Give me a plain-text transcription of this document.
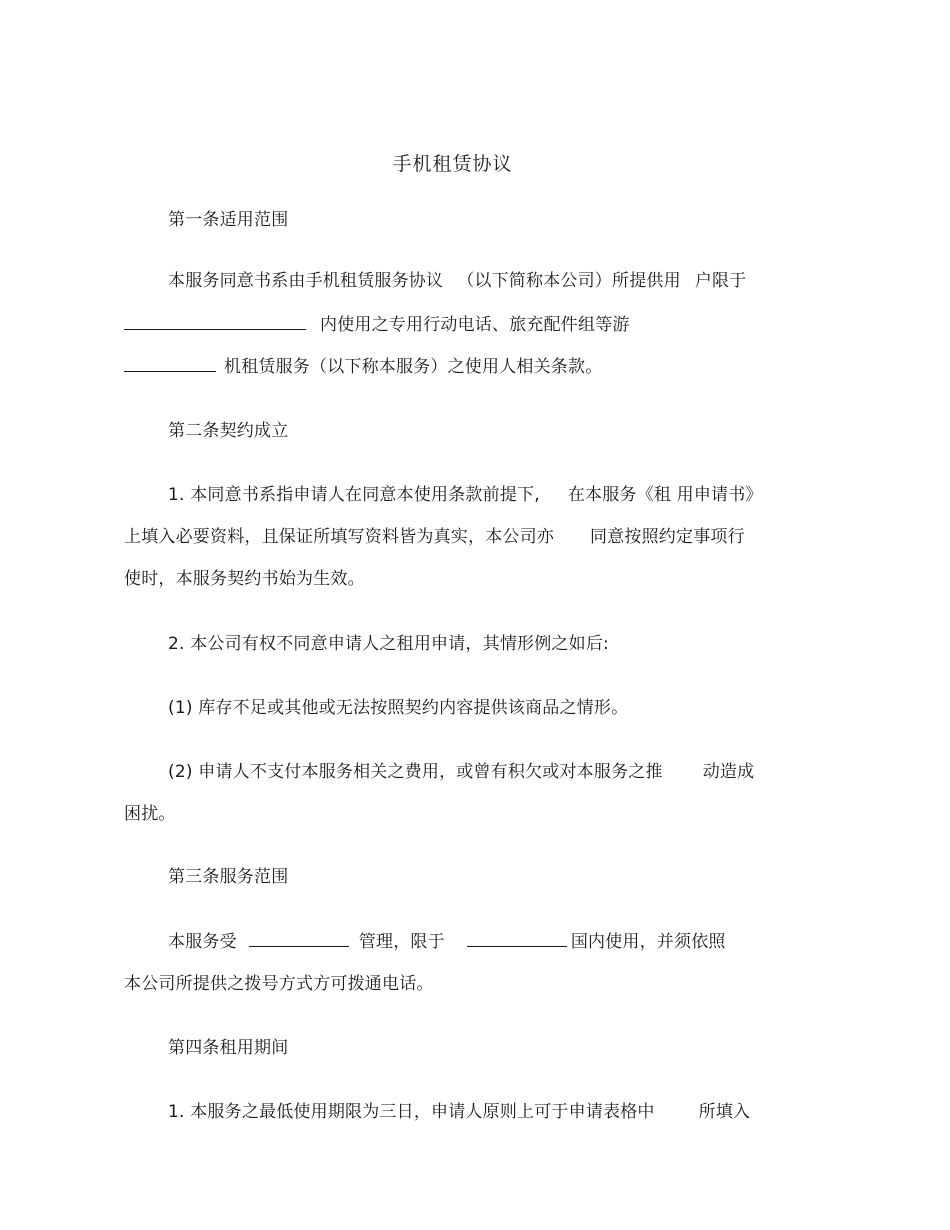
手机租赁协议
第一条适用范围
本服务同意书系由手机租赁服务协议 （以下简称本公司）所提供用 户限于
内使用之专用行动电话、旅充配件组等游
机租赁服务（以下称本服务）之使用人相关条款。
第二条契约成立
1. 本同意书系指申请人在同意本使用条款前提下, 在本服务《租 用申请书》
上填入必要资料，且保证所填写资料皆为真实，本公司亦 同意按照约定事项行
使时，本服务契约书始为生效。
2. 本公司有权不同意申请人之租用申请，其情形例之如后:
(1) 库存不足或其他或无法按照契约内容提供该商品之情形。
(2) 申请人不支付本服务相关之费用，或曾有积欠或对本服务之推 动造成
困扰。
第三条服务范围
本服务受	管理，限于	国内使用，并须依照
本公司所提供之拨号方式方可拨通电话。
第四条租用期间
1. 本服务之最低使用期限为三日，申请人原则上可于申请表格中	所填入
